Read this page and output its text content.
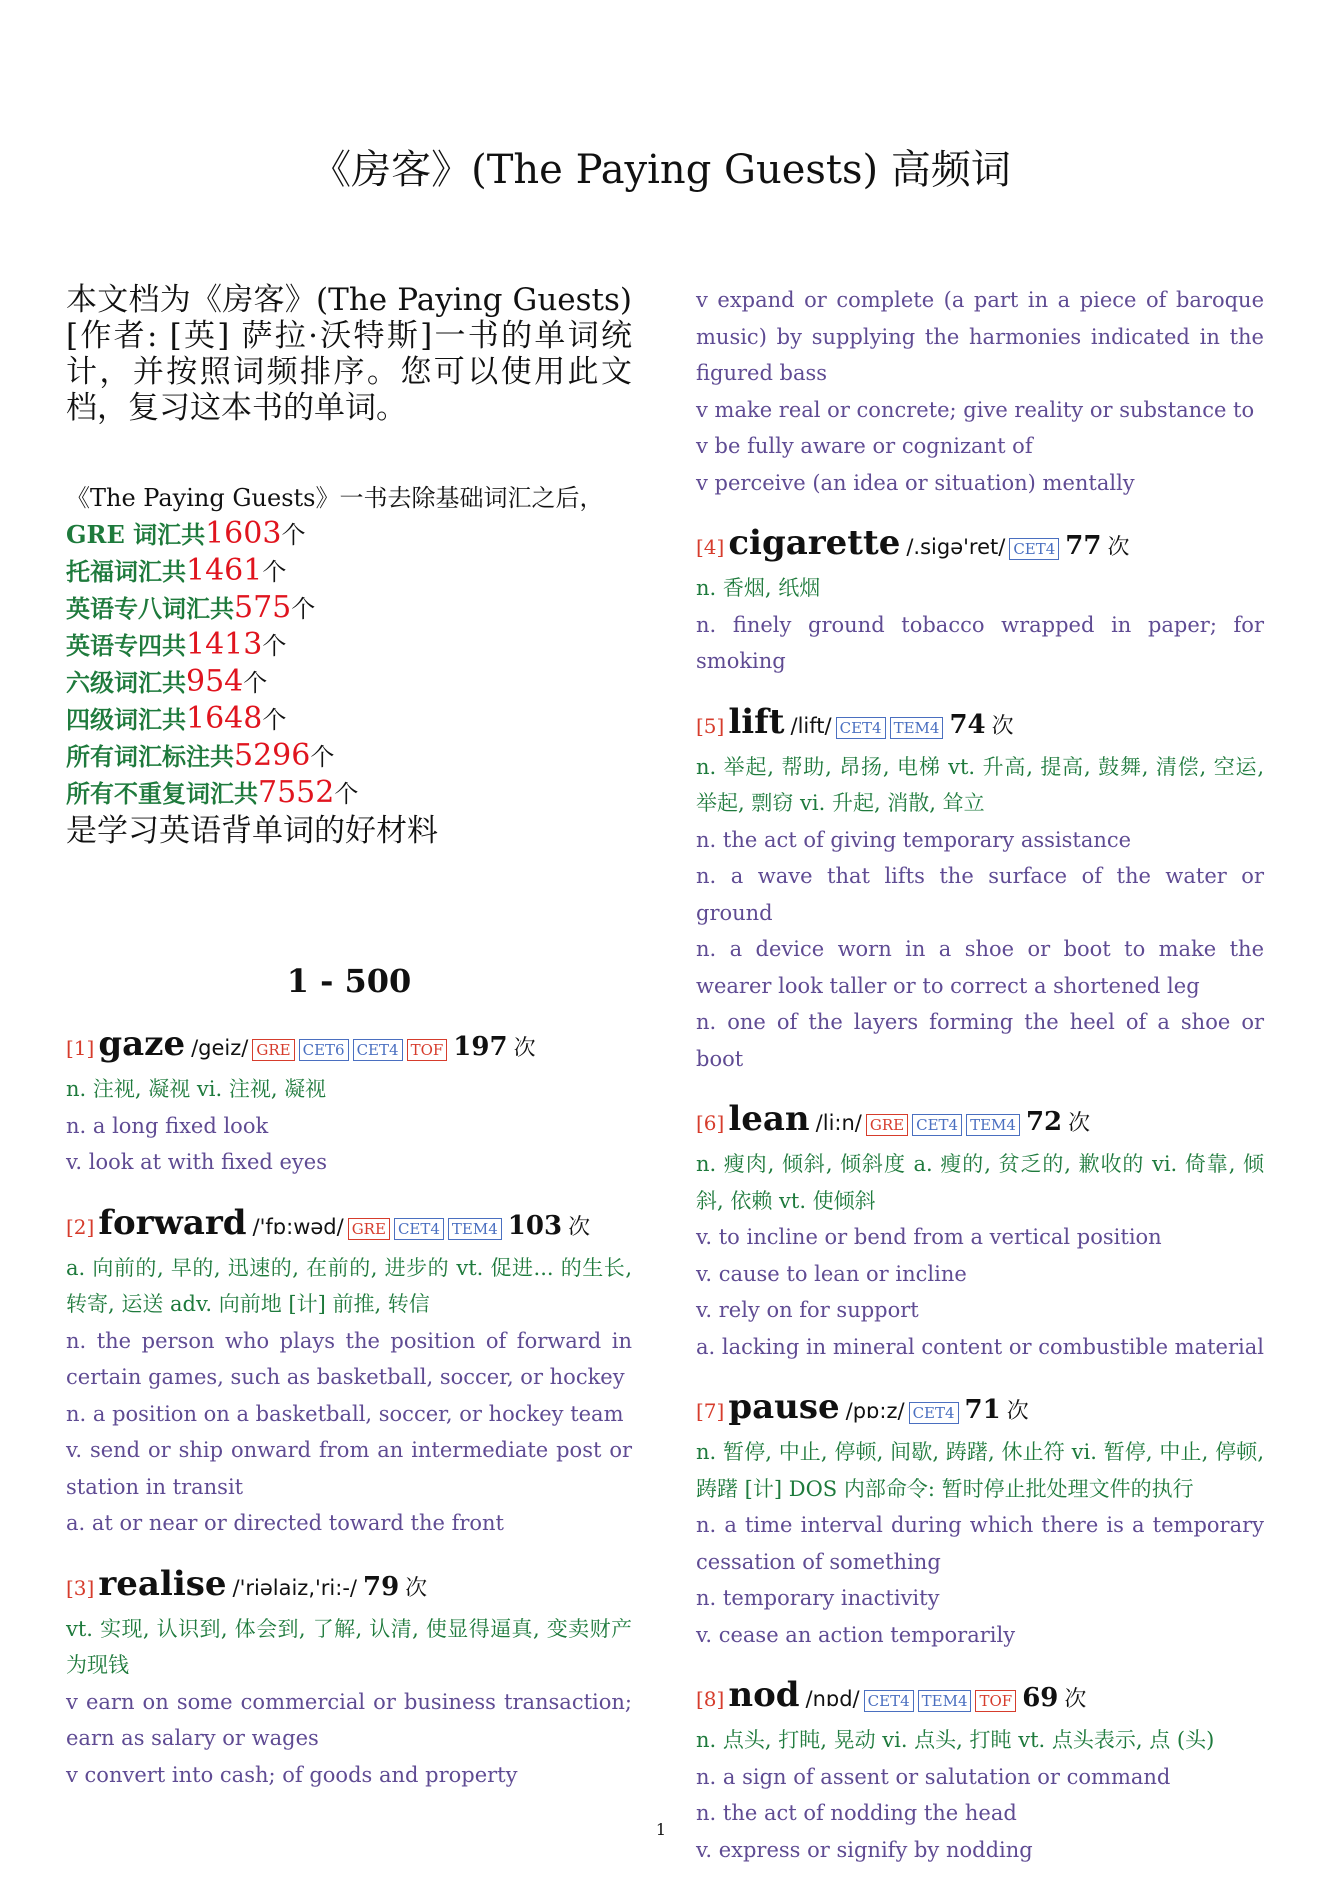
《房客》(The Paying Guests) 高频词

本文档为《房客》(The Paying Guests)[作者: [英] 萨拉·沃特斯]一书的单词统计，并按照词频排序。您可以使用此文档，复习这本书的单词。

《The Paying Guests》一书去除基础词汇之后，
GRE 词汇共1603个
托福词汇共1461个
英语专八词汇共575个
英语专四共1413个
六级词汇共954个
四级词汇共1648个
所有词汇标注共5296个
所有不重复词汇共7552个
是学习英语背单词的好材料
1 - 500
[1] gaze /geiz/ GRE CET6 CET4 TOF 197 次

n. 注视, 凝视 vi. 注视, 凝视

n. a long fixed look

v. look at with fixed eyes

[2] forward /'fɒ:wəd/ GRE CET4 TEM4 103 次

a. 向前的, 早的, 迅速的, 在前的, 进步的 vt. 促进... 的生长, 转寄, 运送 adv. 向前地 [计] 前推, 转信

n. the person who plays the position of forward in certain games, such as basketball, soccer, or hockey

n. a position on a basketball, soccer, or hockey team

v. send or ship onward from an intermediate post or station in transit

a. at or near or directed toward the front

[3] realise /'riəlaiz,'ri:-/ 79 次

vt. 实现, 认识到, 体会到, 了解, 认清, 使显得逼真, 变卖财产为现钱

v earn on some commercial or business transaction; earn as salary or wages

v convert into cash; of goods and property

v expand or complete (a part in a piece of baroque music) by supplying the harmonies indicated in the figured bass

v make real or concrete; give reality or substance to

v be fully aware or cognizant of

v perceive (an idea or situation) mentally

[4] cigarette /.sigə'ret/ CET4 77 次

n. 香烟, 纸烟

n. finely ground tobacco wrapped in paper; for smoking

[5] lift /lift/ CET4 TEM4 74 次

n. 举起, 帮助, 昂扬, 电梯 vt. 升高, 提高, 鼓舞, 清偿, 空运, 举起, 剽窃 vi. 升起, 消散, 耸立

n. the act of giving temporary assistance

n. a wave that lifts the surface of the water or ground

n. a device worn in a shoe or boot to make the wearer look taller or to correct a shortened leg

n. one of the layers forming the heel of a shoe or boot

[6] lean /li:n/ GRE CET4 TEM4 72 次

n. 瘦肉, 倾斜, 倾斜度 a. 瘦的, 贫乏的, 歉收的 vi. 倚靠, 倾斜, 依赖 vt. 使倾斜

v. to incline or bend from a vertical position

v. cause to lean or incline

v. rely on for support

a. lacking in mineral content or combustible material

[7] pause /pɒ:z/ CET4 71 次

n. 暂停, 中止, 停顿, 间歇, 踌躇, 休止符 vi. 暂停, 中止, 停顿, 踌躇 [计] DOS 内部命令: 暂时停止批处理文件的执行

n. a time interval during which there is a temporary cessation of something

n. temporary inactivity

v. cease an action temporarily

[8] nod /nɒd/ CET4 TEM4 TOF 69 次

n. 点头, 打盹, 晃动 vi. 点头, 打盹 vt. 点头表示, 点 (头)

n. a sign of assent or salutation or command

n. the act of nodding the head

v. express or signify by nodding

1
